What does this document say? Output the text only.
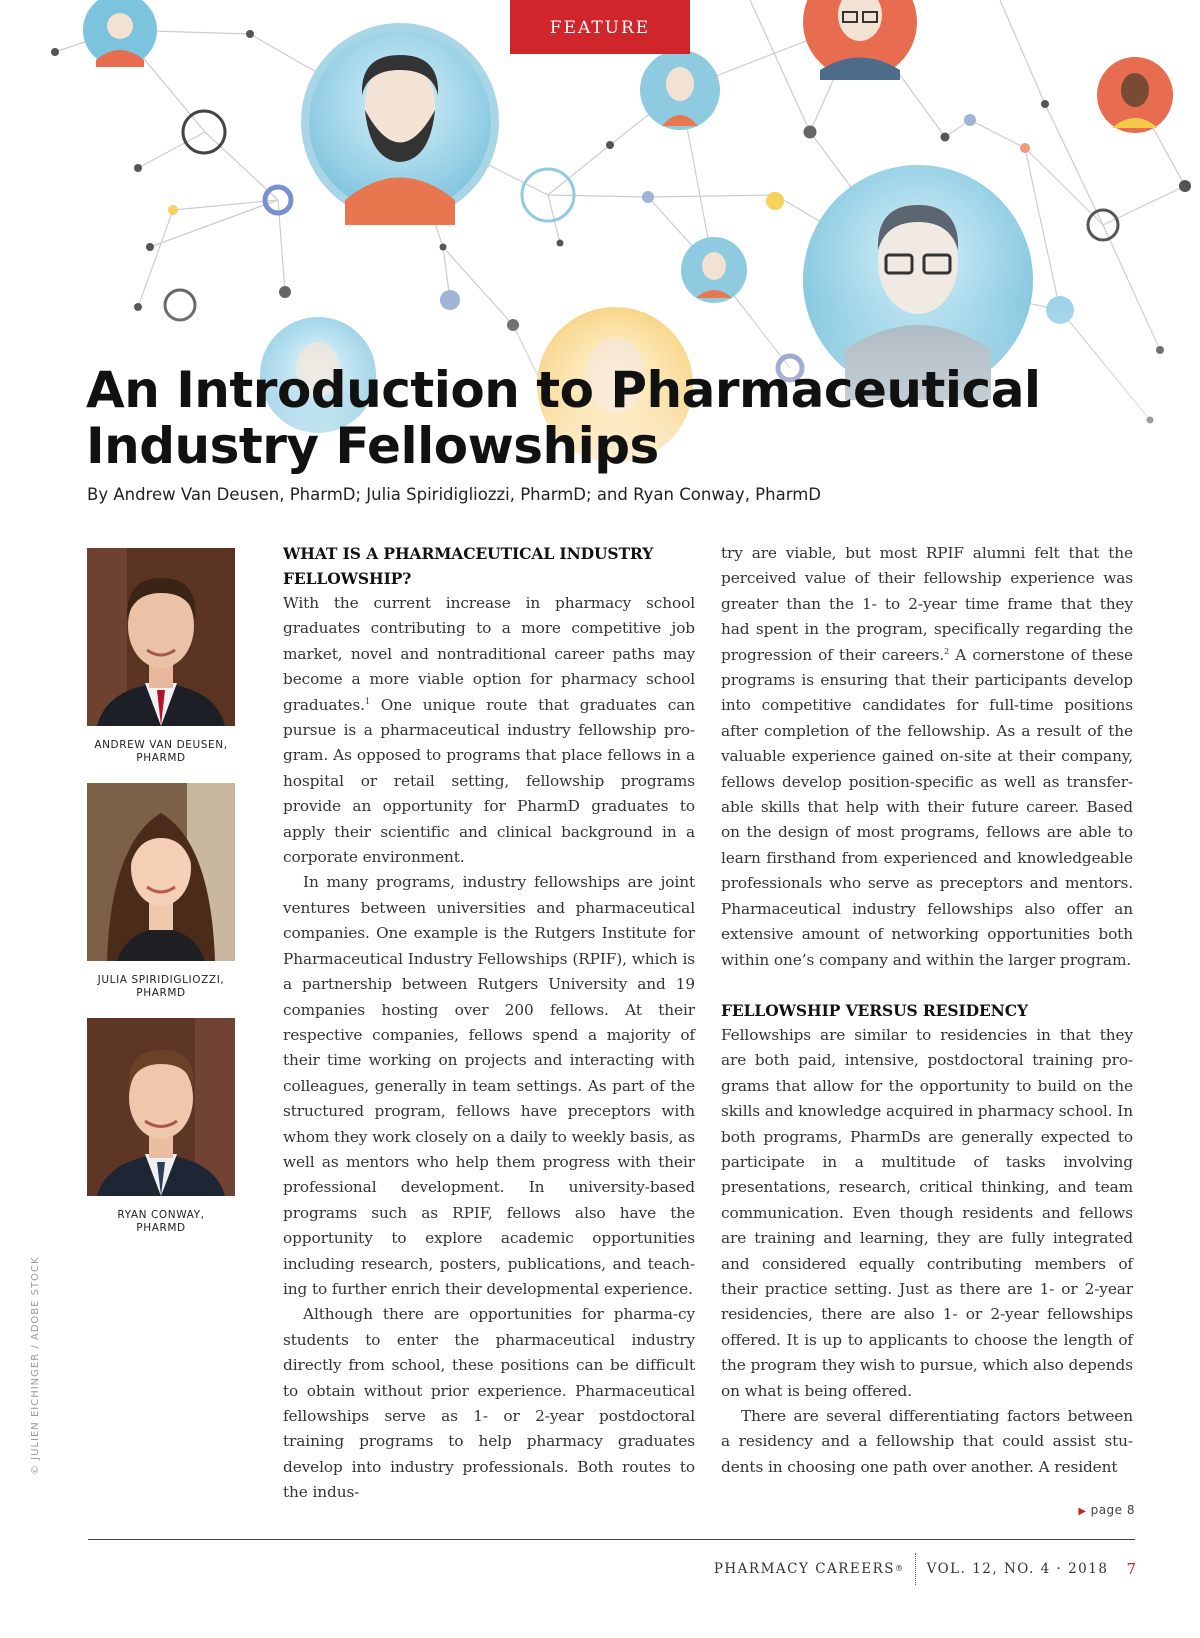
FEATURE
An Introduction to Pharmaceutical
Industry Fellowships

By Andrew Van Deusen, PharmD; Julia Spiridigliozzi, PharmD; and Ryan Conway, PharmD

ANDREW VAN DEUSEN,
PHARMD
JULIA SPIRIDIGLIOZZI,
PHARMD
RYAN CONWAY,
PHARMD
WHAT IS A PHARMACEUTICAL INDUSTRY FELLOWSHIP?

With the current increase in pharmacy school graduates contributing to a more competitive job market, novel and nontraditional career paths may become a more viable option for pharmacy school graduates.$^1$ One unique route that graduates can pursue is a pharmaceutical industry fellowship pro-gram. As opposed to programs that place fellows in a hospital or retail setting, fellowship programs provide an opportunity for PharmD graduates to apply their scientific and clinical background in a corporate environment.

In many programs, industry fellowships are joint ventures between universities and pharmaceutical companies. One example is the Rutgers Institute for Pharmaceutical Industry Fellowships (RPIF), which is a partnership between Rutgers University and 19 companies hosting over 200 fellows. At their respective companies, fellows spend a majority of their time working on projects and interacting with colleagues, generally in team settings. As part of the structured program, fellows have preceptors with whom they work closely on a daily to weekly basis, as well as mentors who help them progress with their professional development. In university-based programs such as RPIF, fellows also have the opportunity to explore academic opportunities including research, posters, publications, and teach-ing to further enrich their developmental experience.

Although there are opportunities for pharma-cy students to enter the pharmaceutical industry directly from school, these positions can be difficult to obtain without prior experience. Pharmaceutical fellowships serve as 1- or 2-year postdoctoral training programs to help pharmacy graduates develop into industry professionals. Both routes to the indus-

try are viable, but most RPIF alumni felt that the perceived value of their fellowship experience was greater than the 1- to 2-year time frame that they had spent in the program, specifically regarding the progression of their careers.$^2$ A cornerstone of these programs is ensuring that their participants develop into competitive candidates for full-time positions after completion of the fellowship. As a result of the valuable experience gained on-site at their company, fellows develop position-specific as well as transfer-able skills that help with their future career. Based on the design of most programs, fellows are able to learn firsthand from experienced and knowledgeable professionals who serve as preceptors and mentors. Pharmaceutical industry fellowships also offer an extensive amount of networking opportunities both within one’s company and within the larger program.

FELLOWSHIP VERSUS RESIDENCY

Fellowships are similar to residencies in that they are both paid, intensive, postdoctoral training pro-grams that allow for the opportunity to build on the skills and knowledge acquired in pharmacy school. In both programs, PharmDs are generally expected to participate in a multitude of tasks involving presentations, research, critical thinking, and team communication. Even though residents and fellows are training and learning, they are fully integrated and considered equally contributing members of their practice setting. Just as there are 1- or 2-year residencies, there are also 1- or 2-year fellowships offered. It is up to applicants to choose the length of the program they wish to pursue, which also depends on what is being offered.

There are several differentiating factors between a residency and a fellowship that could assist stu-dents in choosing one path over another. A resident

© JULIEN EICHINGER / ADOBE STOCK
▶ page 8
PHARMACY CAREERS ® VOL. 12, NO. 4 · 2018 7
